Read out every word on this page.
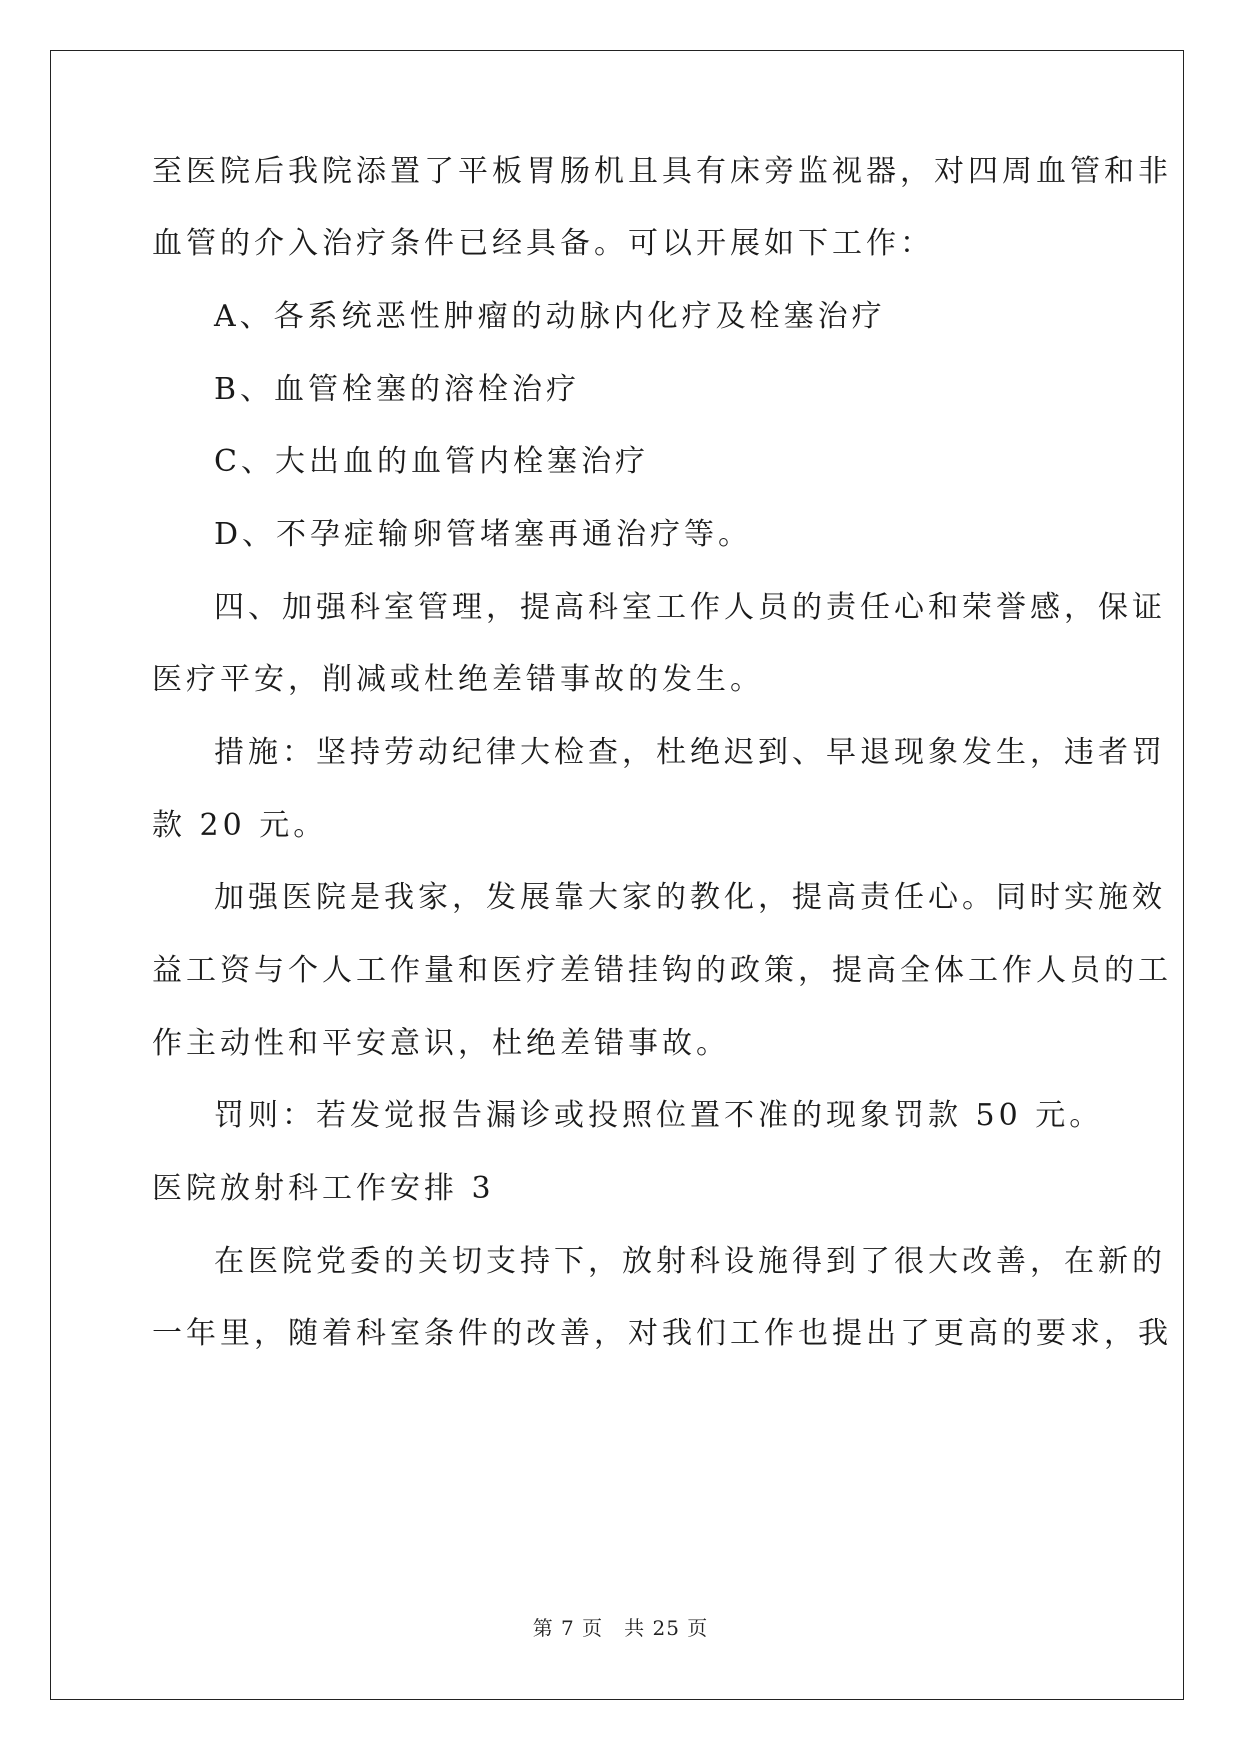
至医院后我院添置了平板胃肠机且具有床旁监视器，对四周血管和非
血管的介入治疗条件已经具备。可以开展如下工作：
A、各系统恶性肿瘤的动脉内化疗及栓塞治疗
B、血管栓塞的溶栓治疗
C、大出血的血管内栓塞治疗
D、不孕症输卵管堵塞再通治疗等。
四、加强科室管理，提高科室工作人员的责任心和荣誉感，保证
医疗平安，削减或杜绝差错事故的发生。
措施：坚持劳动纪律大检查，杜绝迟到、早退现象发生，违者罚
款 20 元。
加强医院是我家，发展靠大家的教化，提高责任心。同时实施效
益工资与个人工作量和医疗差错挂钩的政策，提高全体工作人员的工
作主动性和平安意识，杜绝差错事故。
罚则：若发觉报告漏诊或投照位置不准的现象罚款 50 元。
医院放射科工作安排 3
在医院党委的关切支持下，放射科设施得到了很大改善，在新的
一年里，随着科室条件的改善，对我们工作也提出了更高的要求，我
第 7 页　共 25 页
